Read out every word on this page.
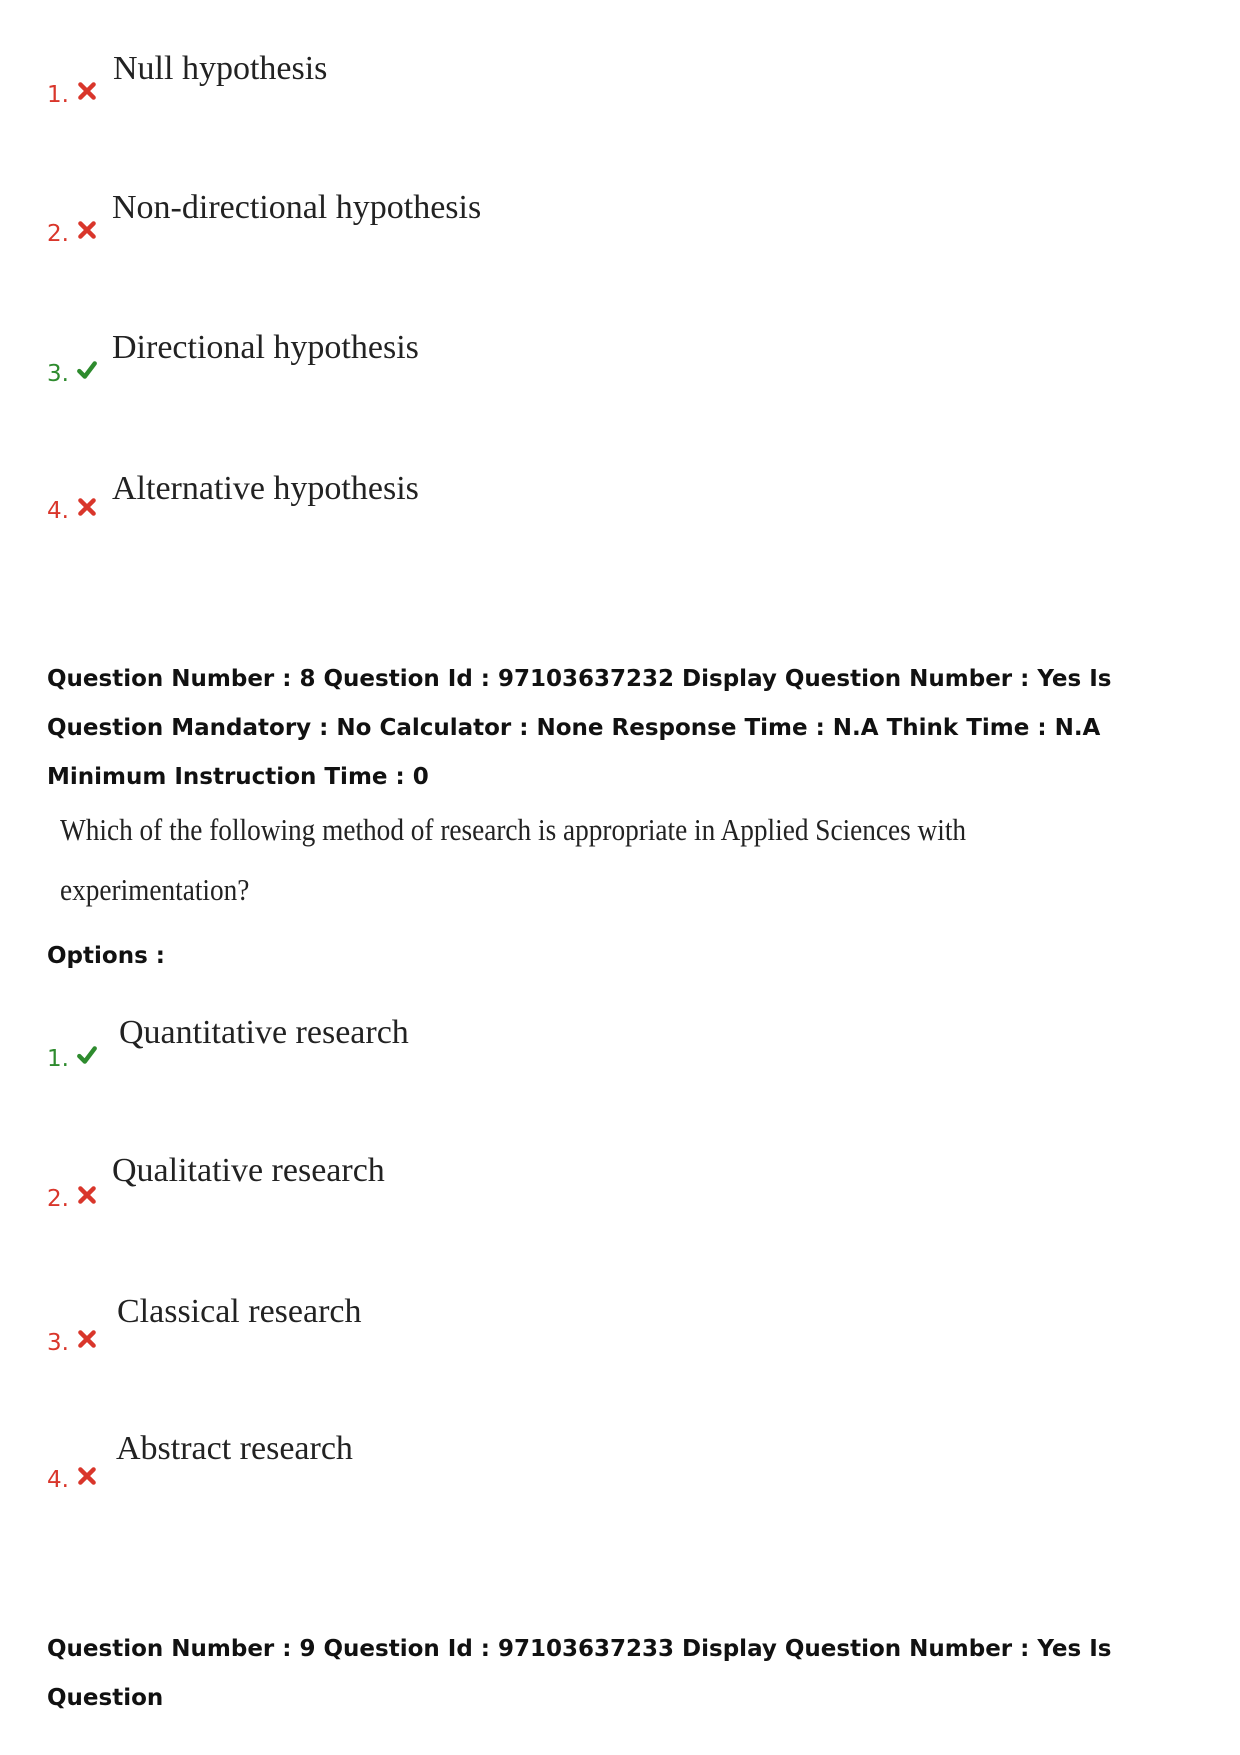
1.
Null hypothesis
2.
Non-directional hypothesis
3.
Directional hypothesis
4.
Alternative hypothesis
Question Number : 8 Question Id : 97103637232 Display Question Number : Yes Is Question Mandatory : No Calculator : None Response Time : N.A Think Time : N.A Minimum Instruction Time : 0
Which of the following method of research is appropriate in Applied Sciences with experimentation?
Options :
1.
Quantitative research
2.
Qualitative research
3.
Classical research
4.
Abstract research
Question Number : 9 Question Id : 97103637233 Display Question Number : Yes Is Question
